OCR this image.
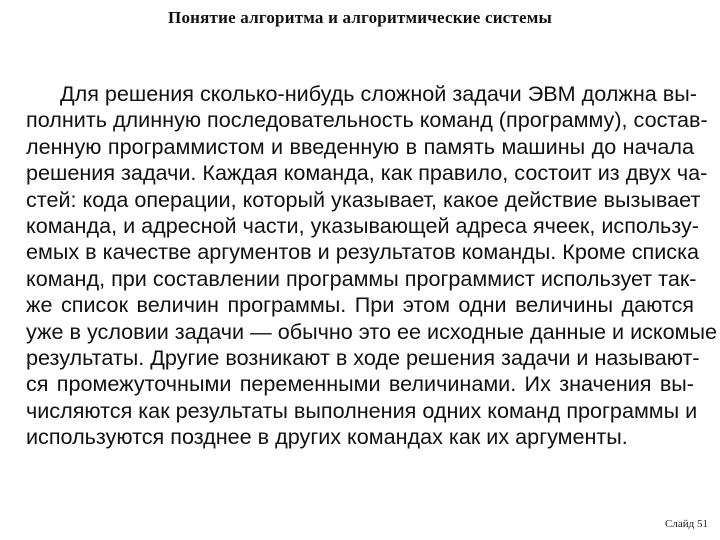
Понятие алгоритма и алгоритмические системы
Для решения сколько-нибудь сложной задачи ЭВМ должна вы-
полнить длинную последовательность команд (программу), состав-
ленную программистом и введенную в память машины до начала
решения задачи. Каждая команда, как правило, состоит из двух ча-
стей: кода операции, который указывает, какое действие вызывает
команда, и адресной части, указывающей адреса ячеек, использу-
емых в качестве аргументов и результатов команды. Кроме списка
команд, при составлении программы программист использует так-
же список величин программы. При этом одни величины даются
уже в условии задачи — обычно это ее исходные данные и искомые
результаты. Другие возникают в ходе решения задачи и называют-
ся промежуточными переменными величинами. Их значения вы-
числяются как результаты выполнения одних команд программы и
используются позднее в других командах как их аргументы.
Слайд 51
